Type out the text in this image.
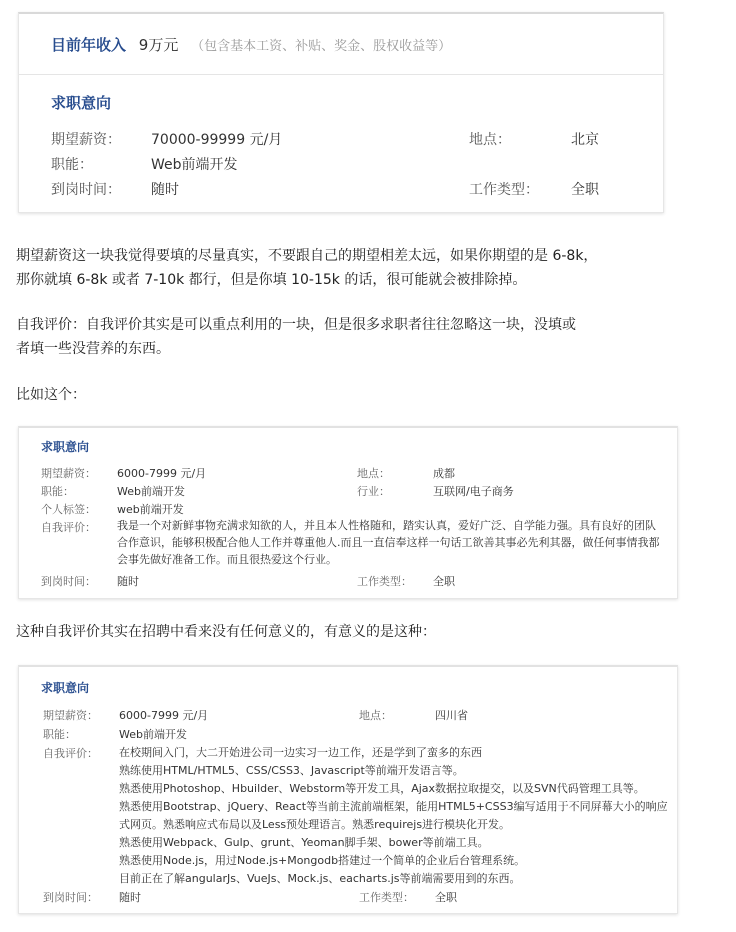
目前年收入 9万元 （包含基本工资、补贴、奖金、股权收益等）
求职意向
期望薪资： 70000-99999 元/月	地点：	北京
职能：	Web前端开发
到岗时间： 随时	工作类型： 全职
期望薪资这一块我觉得要填的尽量真实，不要跟自己的期望相差太远，如果你期望的是 6-8k，
那你就填 6-8k 或者 7-10k 都行，但是你填 10-15k 的话，很可能就会被排除掉。
自我评价：自我评价其实是可以重点利用的一块，但是很多求职者往往忽略这一块，没填或
者填一些没营养的东西。
比如这个：
求职意向
期望薪资： 6000-7999 元/月	地点：	成都
职能：	Web前端开发	行业：	互联网/电子商务
个人标签： web前端开发
自我评价： 我是一个对新鲜事物充满求知欲的人，并且本人性格随和，踏实认真，爱好广泛、自学能力强。具有良好的团队
合作意识，能够积极配合他人工作并尊重他人.而且一直信奉这样一句话工欲善其事必先利其器，做任何事情我都
会事先做好准备工作。而且很热爱这个行业。
到岗时间： 随时	工作类型： 全职
这种自我评价其实在招聘中看来没有任何意义的，有意义的是这种：
求职意向
期望薪资： 6000-7999 元/月	地点：	四川省
职能：	Web前端开发
自我评价： 在校期间入门，大二开始进公司一边实习一边工作，还是学到了蛮多的东西
熟练使用HTML/HTML5、CSS/CSS3、Javascript等前端开发语言等。
熟悉使用Photoshop、Hbuilder、Webstorm等开发工具，Ajax数据拉取提交，以及SVN代码管理工具等。
熟悉使用Bootstrap、jQuery、React等当前主流前端框架，能用HTML5+CSS3编写适用于不同屏幕大小的响应
式网页。熟悉响应式布局以及Less预处理语言。熟悉requirejs进行模块化开发。
熟悉使用Webpack、Gulp、grunt、Yeoman脚手架、bower等前端工具。
熟悉使用Node.js，用过Node.js+Mongodb搭建过一个简单的企业后台管理系统。
目前正在了解angularJs、VueJs、Mock.js、eacharts.js等前端需要用到的东西。
到岗时间： 随时	工作类型： 全职
